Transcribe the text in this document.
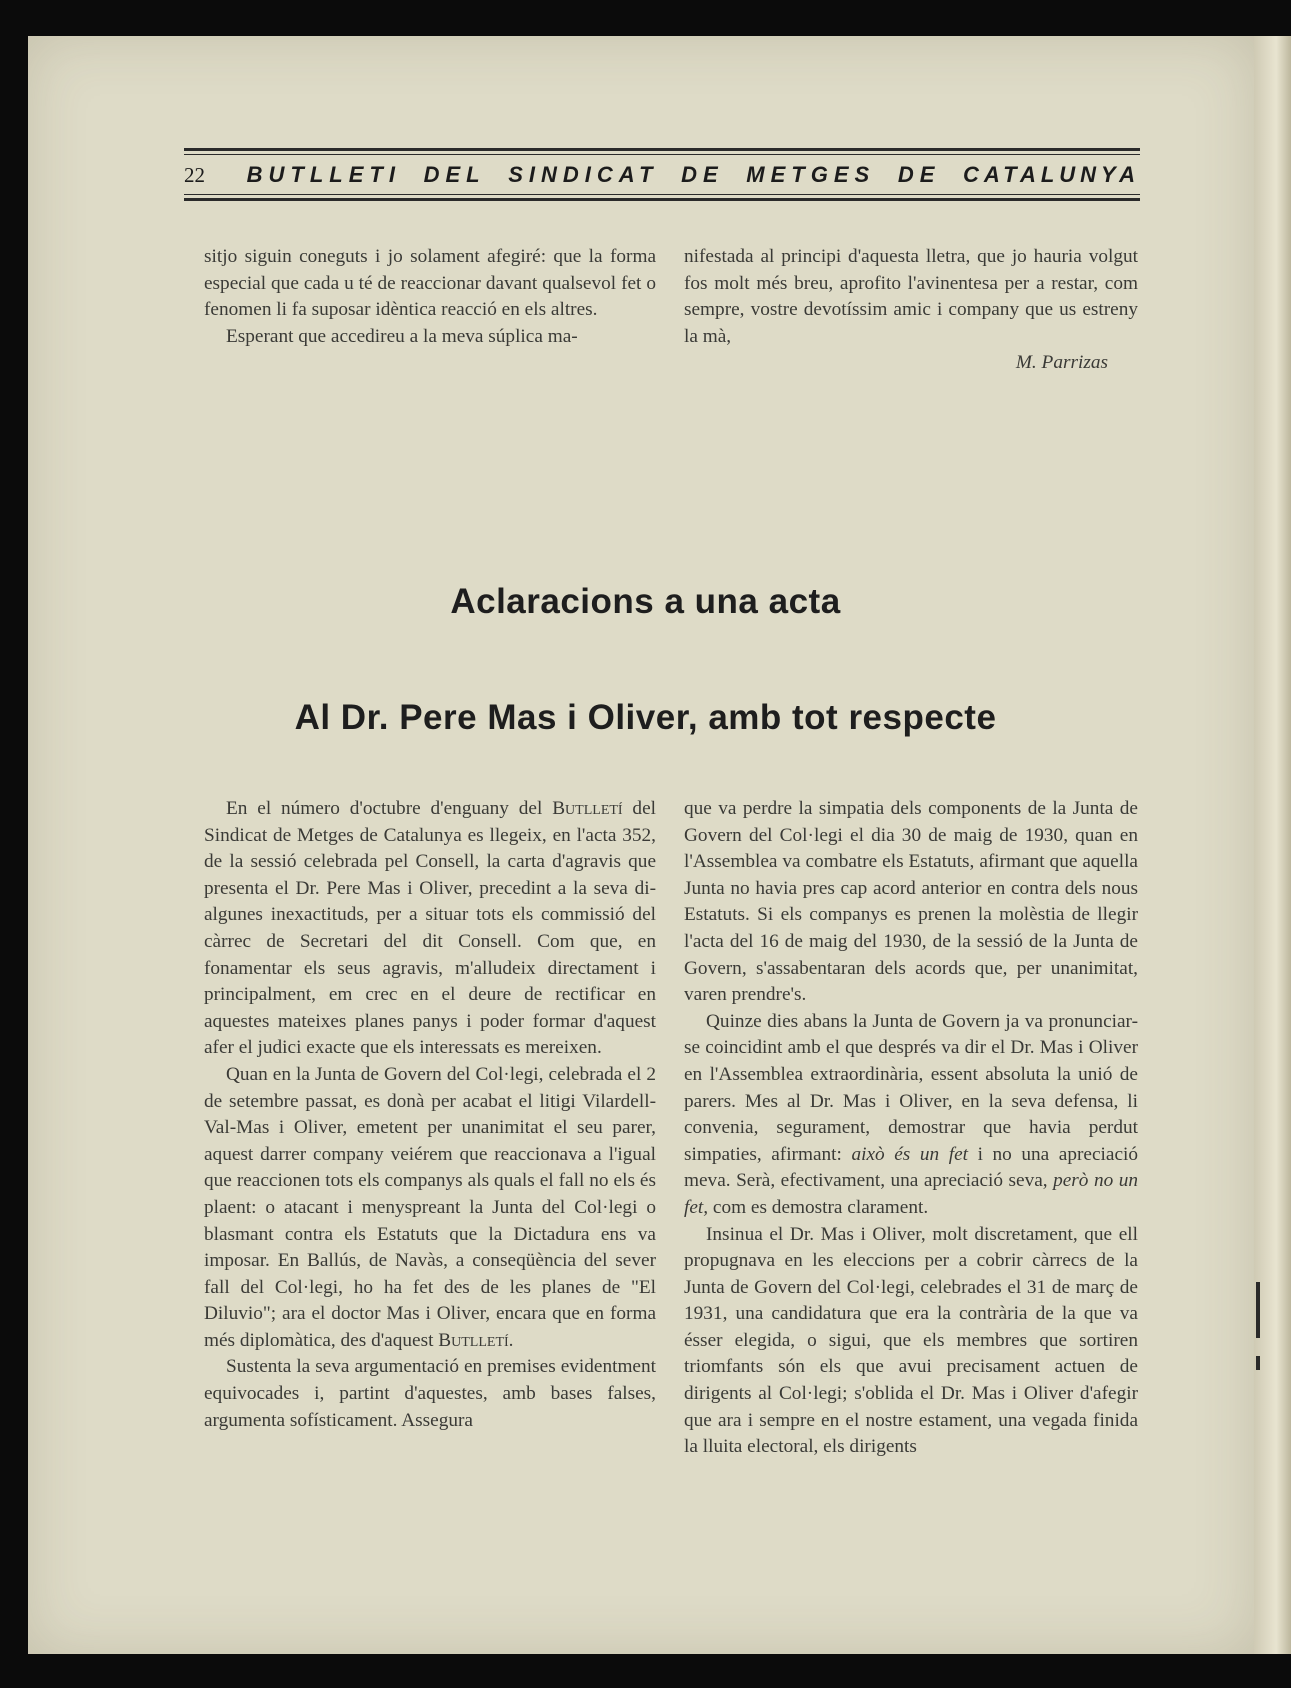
22	BUTLLETI DEL SINDICAT DE METGES DE CATALUNYA

sitjo siguin coneguts i jo solament afegiré: que la forma especial que cada u té de reaccionar davant qualsevol fet o fenomen li fa suposar idèntica reacció en els altres.

Esperant que accedireu a la meva súplica ma-

nifestada al principi d'aquesta lletra, que jo hauria volgut fos molt més breu, aprofito l'avinentesa per a restar, com sempre, vostre devotíssim amic i company que us estreny la mà,

M. Parrizas
Aclaracions a una acta
Al Dr. Pere Mas i Oliver, amb tot respecte

En el número d'octubre d'enguany del Butlletí del Sindicat de Metges de Catalunya es llegeix, en l'acta 352, de la sessió celebrada pel Consell, la carta d'agravis que presenta el Dr. Pere Mas i Oliver, precedint a la seva di-algunes inexactituds, per a situar tots els commissió del càrrec de Secretari del dit Consell. Com que, en fonamentar els seus agravis, m'alludeix directament i principalment, em crec en el deure de rectificar en aquestes mateixes planes panys i poder formar d'aquest afer el judici exacte que els interessats es mereixen.

Quan en la Junta de Govern del Col·legi, celebrada el 2 de setembre passat, es donà per acabat el litigi Vilardell-Val-Mas i Oliver, emetent per unanimitat el seu parer, aquest darrer company veiérem que reaccionava a l'igual que reaccionen tots els companys als quals el fall no els és plaent: o atacant i menyspreant la Junta del Col·legi o blasmant contra els Estatuts que la Dictadura ens va imposar. En Ballús, de Navàs, a conseqüència del sever fall del Col·legi, ho ha fet des de les planes de "El Diluvio"; ara el doctor Mas i Oliver, encara que en forma més diplomàtica, des d'aquest Butlletí.

Sustenta la seva argumentació en premises evidentment equivocades i, partint d'aquestes, amb bases falses, argumenta sofísticament. Assegura

que va perdre la simpatia dels components de la Junta de Govern del Col·legi el dia 30 de maig de 1930, quan en l'Assemblea va combatre els Estatuts, afirmant que aquella Junta no havia pres cap acord anterior en contra dels nous Estatuts. Si els companys es prenen la molèstia de llegir l'acta del 16 de maig del 1930, de la sessió de la Junta de Govern, s'assabentaran dels acords que, per unanimitat, varen prendre's.

Quinze dies abans la Junta de Govern ja va pronunciar-se coincidint amb el que després va dir el Dr. Mas i Oliver en l'Assemblea extraordinària, essent absoluta la unió de parers. Mes al Dr. Mas i Oliver, en la seva defensa, li convenia, segurament, demostrar que havia perdut simpaties, afirmant: això és un fet i no una apreciació meva. Serà, efectivament, una apreciació seva, però no un fet, com es demostra clarament.

Insinua el Dr. Mas i Oliver, molt discretament, que ell propugnava en les eleccions per a cobrir càrrecs de la Junta de Govern del Col·legi, celebrades el 31 de març de 1931, una candidatura que era la contrària de la que va ésser elegida, o sigui, que els membres que sortiren triomfants són els que avui precisament actuen de dirigents al Col·legi; s'oblida el Dr. Mas i Oliver d'afegir que ara i sempre en el nostre estament, una vegada finida la lluita electoral, els dirigents
